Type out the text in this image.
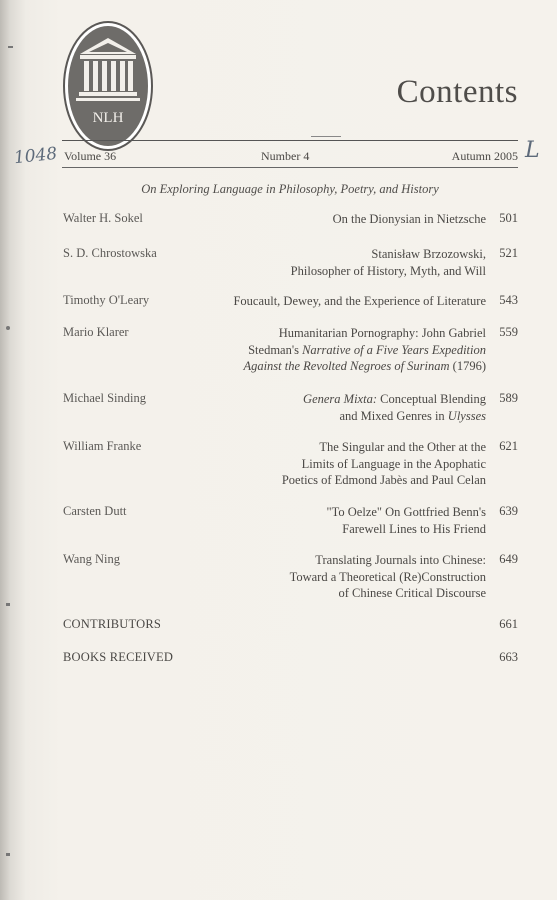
NLH
Contents
Volume 36	Number 4	Autumn 2005
1048	L
On Exploring Language in Philosophy, Poetry, and History
Walter H. Sokel	On the Dionysian in Nietzsche	501
S. D. Chrostowska	Stanisław Brzozowski,
Philosopher of History, Myth, and Will
521
Timothy O'Leary	Foucault, Dewey, and the Experience of Literature	543
Mario Klarer	Humanitarian Pornography: John Gabriel
Stedman's Narrative of a Five Years Expedition
Against the Revolted Negroes of Surinam (1796)
559
Michael Sinding	Genera Mixta: Conceptual Blending
and Mixed Genres in Ulysses
589
William Franke	The Singular and the Other at the
Limits of Language in the Apophatic
Poetics of Edmond Jabès and Paul Celan
621
Carsten Dutt	"To Oelze" On Gottfried Benn's
Farewell Lines to His Friend
639
Wang Ning	Translating Journals into Chinese:
Toward a Theoretical (Re)Construction
of Chinese Critical Discourse
649
CONTRIBUTORS	661
BOOKS RECEIVED	663
